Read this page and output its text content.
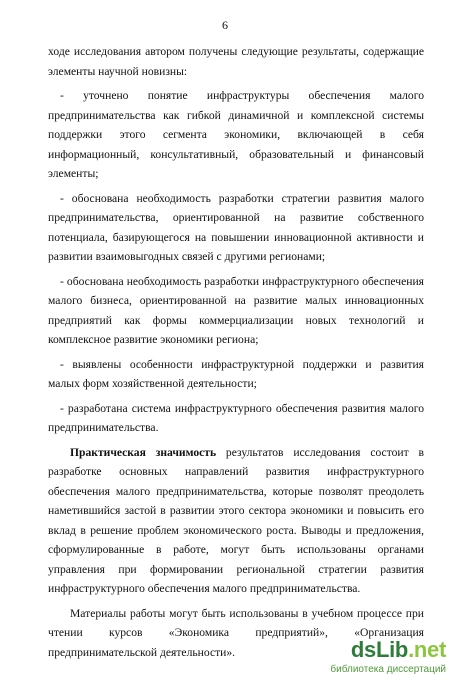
6

ходе исследования автором получены следующие результаты, содержащие элементы научной новизны:

- уточнено понятие инфраструктуры обеспечения малого предпринимательства как гибкой динамичной и комплексной системы поддержки этого сегмента экономики, включающей в себя информационный, консультативный, образовательный и финансовый элементы;

- обоснована необходимость разработки стратегии развития малого предпринимательства, ориентированной на развитие собственного потенциала, базирующегося на повышении инновационной активности и развитии взаимовыгодных связей с другими регионами;

- обоснована необходимость разработки инфраструктурного обеспечения малого бизнеса, ориентированной на развитие малых инновационных предприятий как формы коммерциализации новых технологий и комплексное развитие экономики региона;

- выявлены особенности инфраструктурной поддержки и развития малых форм хозяйственной деятельности;

- разработана система инфраструктурного обеспечения развития малого предпринимательства.

Практическая значимость результатов исследования состоит в разработке основных направлений развития инфраструктурного обеспечения малого предпринимательства, которые позволят преодолеть наметившийся застой в развитии этого сектора экономики и повысить его вклад в решение проблем экономического роста. Выводы и предложения, сформулированные в работе, могут быть использованы органами управления при формировании региональной стратегии развития инфраструктурного обеспечения малого предпринимательства.

Материалы работы могут быть использованы в учебном процессе при чтении курсов «Экономика предприятий», «Организация предпринимательской деятельности».	dsLib.net
библиотека диссертаций
